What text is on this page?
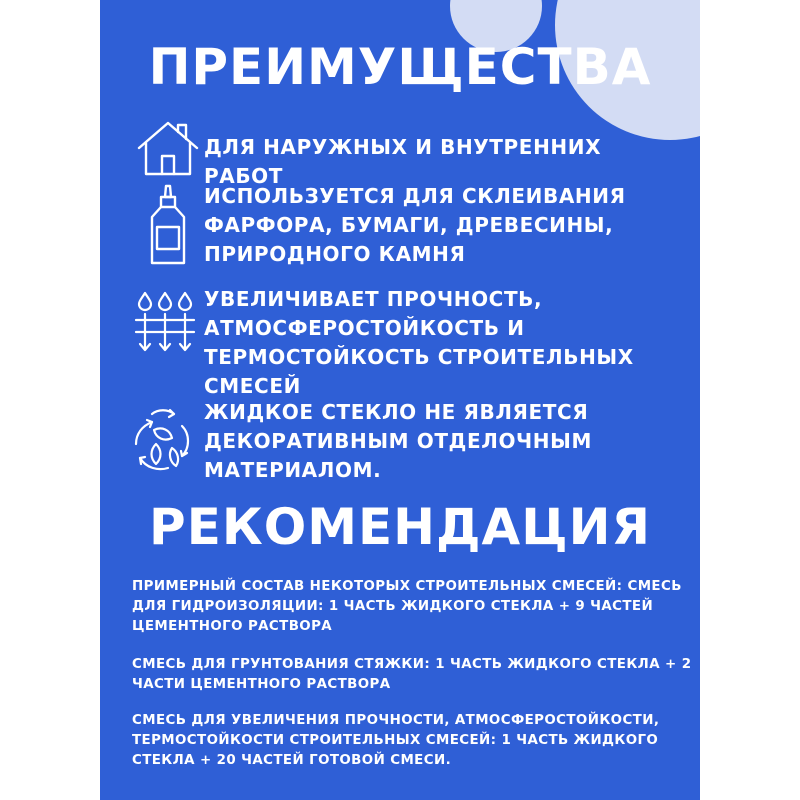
ПРЕИМУЩЕСТВА
ДЛЯ НАРУЖНЫХ И ВНУТРЕННИХ РАБОТ
ИСПОЛЬЗУЕТСЯ ДЛЯ СКЛЕИВАНИЯ ФАРФОРА, БУМАГИ, ДРЕВЕСИНЫ, ПРИРОДНОГО КАМНЯ
УВЕЛИЧИВАЕТ ПРОЧНОСТЬ, АТМОСФЕРОСТОЙКОСТЬ И ТЕРМОСТОЙКОСТЬ СТРОИТЕЛЬНЫХ СМЕСЕЙ
ЖИДКОЕ СТЕКЛО НЕ ЯВЛЯЕТСЯ ДЕКОРАТИВНЫМ ОТДЕЛОЧНЫМ МАТЕРИАЛОМ.
РЕКОМЕНДАЦИЯ
ПРИМЕРНЫЙ СОСТАВ НЕКОТОРЫХ СТРОИТЕЛЬНЫХ СМЕСЕЙ: СМЕСЬ ДЛЯ ГИДРОИЗОЛЯЦИИ: 1 ЧАСТЬ ЖИДКОГО СТЕКЛА + 9 ЧАСТЕЙ ЦЕМЕНТНОГО РАСТВОРА
СМЕСЬ ДЛЯ ГРУНТОВАНИЯ СТЯЖКИ: 1 ЧАСТЬ ЖИДКОГО СТЕКЛА + 2 ЧАСТИ ЦЕМЕНТНОГО РАСТВОРА
СМЕСЬ ДЛЯ УВЕЛИЧЕНИЯ ПРОЧНОСТИ, АТМОСФЕРОСТОЙКОСТИ, ТЕРМОСТОЙКОСТИ СТРОИТЕЛЬНЫХ СМЕСЕЙ: 1 ЧАСТЬ ЖИДКОГО СТЕКЛА + 20 ЧАСТЕЙ ГОТОВОЙ СМЕСИ.
